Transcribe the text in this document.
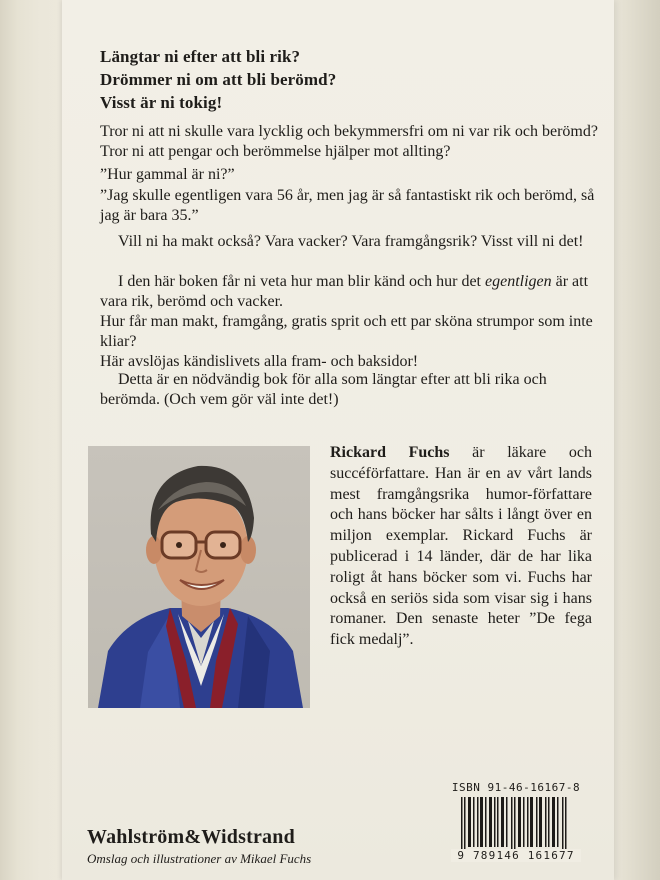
Längtar ni efter att bli rik?
Drömmer ni om att bli berömd?
Visst är ni tokig!
Tror ni att ni skulle vara lycklig och bekymmersfri om ni var rik och berömd? Tror ni att pengar och berömmelse hjälper mot allting?
”Hur gammal är ni?”
”Jag skulle egentligen vara 56 år, men jag är så fantastiskt rik och berömd, så jag är bara 35.”
Vill ni ha makt också? Vara vacker? Vara framgångsrik? Visst vill ni det!
I den här boken får ni veta hur man blir känd och hur det egentligen är att vara rik, berömd och vacker.
Hur får man makt, framgång, gratis sprit och ett par sköna strumpor som inte kliar?
Här avslöjas kändislivets alla fram- och baksidor!
Detta är en nödvändig bok för alla som längtar efter att bli rika och berömda. (Och vem gör väl inte det!)
Rickard Fuchs är läkare och succéförfattare. Han är en av vårt lands mest framgångsrika humor-författare och hans böcker har sålts i långt över en miljon exemplar. Rickard Fuchs är publicerad i 14 länder, där de har lika roligt åt hans böcker som vi. Fuchs har också en seriös sida som visar sig i hans romaner. Den senaste heter ”De fega fick medalj”.
ISBN 91-46-16167-8
9 789146 161677
Wahlström&Widstrand
Omslag och illustrationer av Mikael Fuchs
